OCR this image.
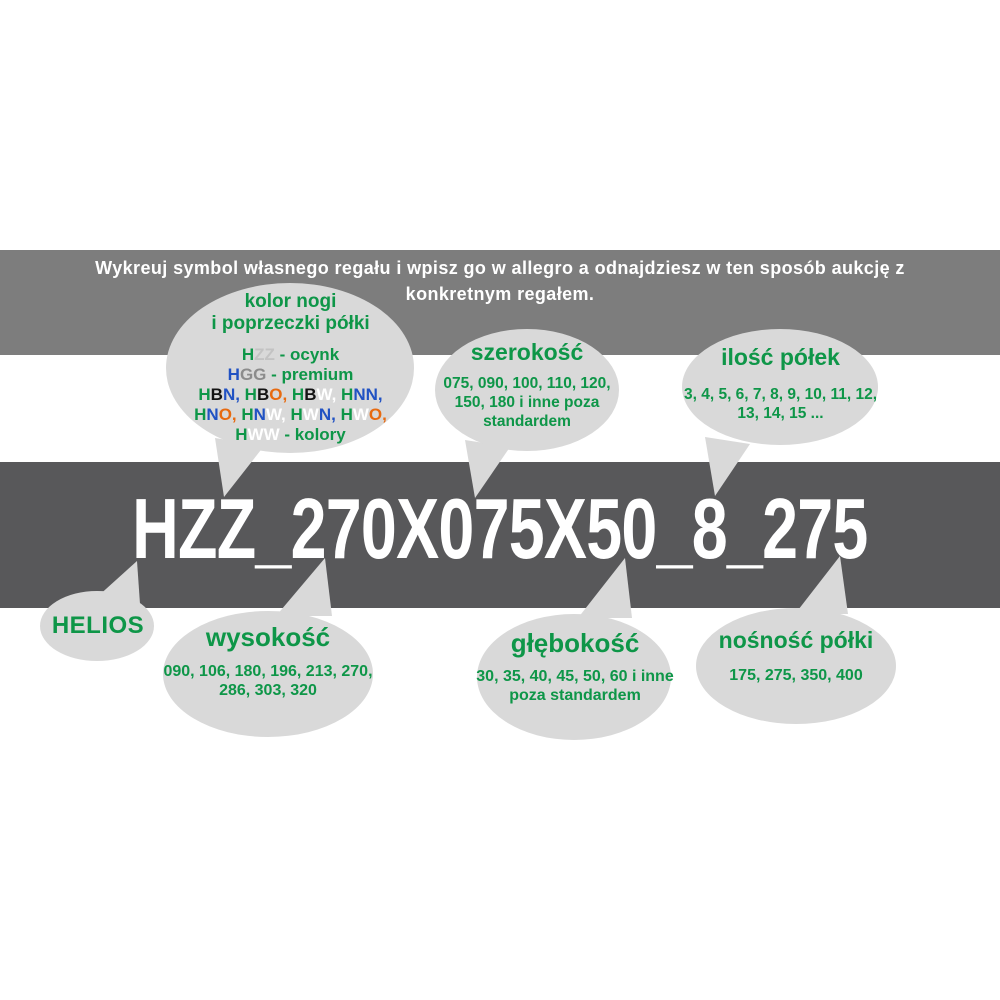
Wykreuj symbol własnego regału i wpisz go w allegro a odnajdziesz w ten sposób aukcję z
konkretnym regałem.
HZZ_270X075X50_8_275
kolor nogi
i poprzeczki półki
HZZ - ocynk
HGG - premium
HBN, HBO, HBW, HNN,
HNO, HNW, HWN, HWO,
HWW - kolory
szerokość
075, 090, 100, 110, 120, 150, 180 i inne poza standardem
ilość półek
3, 4, 5, 6, 7, 8, 9, 10, 11, 12, 13, 14, 15 ...
HELIOS	wysokość
090, 106, 180, 196, 213, 270, 286, 303, 320
głębokość
30, 35, 40, 45, 50, 60 i inne poza standardem
nośność półki
175, 275, 350, 400
